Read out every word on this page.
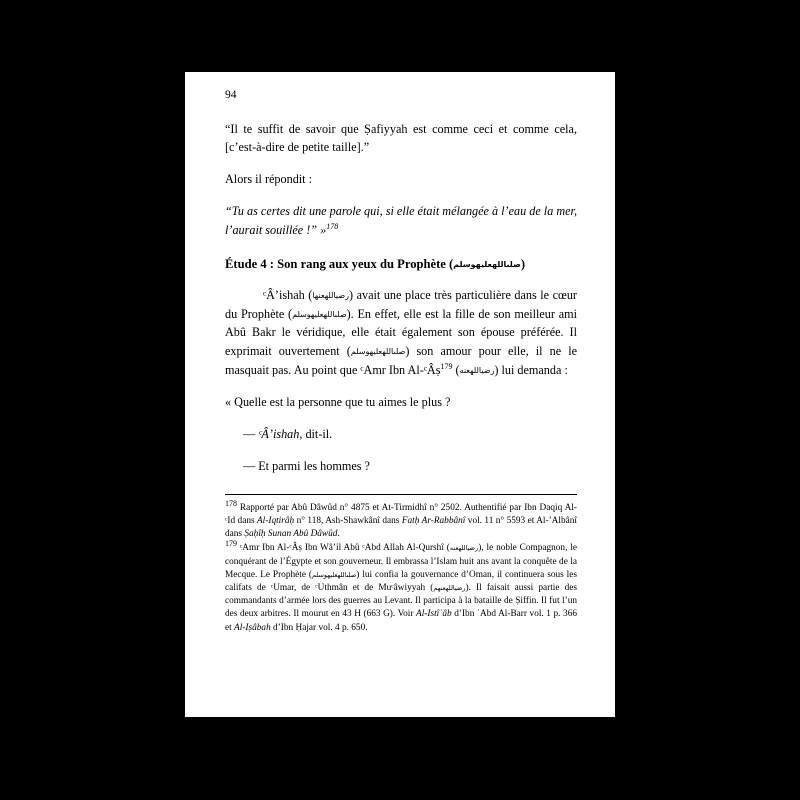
94

“Il te suffit de savoir que Ṣafiyyah est comme ceci et comme cela, [c’est-à-dire de petite taille].”

Alors il répondit :

“Tu as certes dit une parole qui, si elle était mélangée à l’eau de la mer, l’aurait souillée !” »$^{178}$

Étude 4 : Son rang aux yeux du Prophète (صلىاللهعليهوسلم)

ᶜÂ’ishah (رضياللهعنها) avait une place très particulière dans le cœur du Prophète (صلىاللهعليهوسلم). En effet, elle est la fille de son meilleur ami Abû Bakr le véridique, elle était également son épouse préférée. Il exprimait ouvertement (صلىاللهعليهوسلم) son amour pour elle, il ne le masquait pas. Au point que ᶜAmr Ibn Al-ᶜÂṣ$^{179}$ (رضياللهعنه) lui demanda :

« Quelle est la personne que tu aimes le plus ?

— ᶜÂ’ishah, dit-il.

— Et parmi les hommes ?

178 Rapporté par Abû Dâwûd n° 4875 et At-Tirmidhî n° 2502. Authentifié par Ibn Daqiq Al-ᶜId dans Al-Iqtirâḥ n° 118, Ash-Shawkânî dans Fatḥ Ar-Rabbânî vol. 11 n° 5593 et Al-’Albânî dans Ṣaḥîḥ Sunan Abû Dâwûd.

179 ᶜAmr Ibn Al-ᶜÂṣ Ibn Wâ’il Abû ᶜAbd Allah Al-Qurshî (رضياللهعنه), le noble Compagnon, le conquérant de l’Égypte et son gouverneur. Il embrassa l’Islam huit ans avant la conquête de la Mecque. Le Prophète (صلىاللهعليهوسلم) lui confia la gouvernance d’Oman, il continuera sous les califats de ᶜUmar, de ᶜUthmân et de Muᶜâwiyyah (رضياللهعنهم). Il faisait aussi partie des commandants d’armée lors des guerres au Levant. Il participa à la bataille de Ṣiffin. Il fut l’un des deux arbitres. Il mourut en 43 H (663 G). Voir Al-Istîʿâb d’Ibn ʿAbd Al-Barr vol. 1 p. 366 et Al-Iṣâbah d’Ibn Ḥajar vol. 4 p. 650.
